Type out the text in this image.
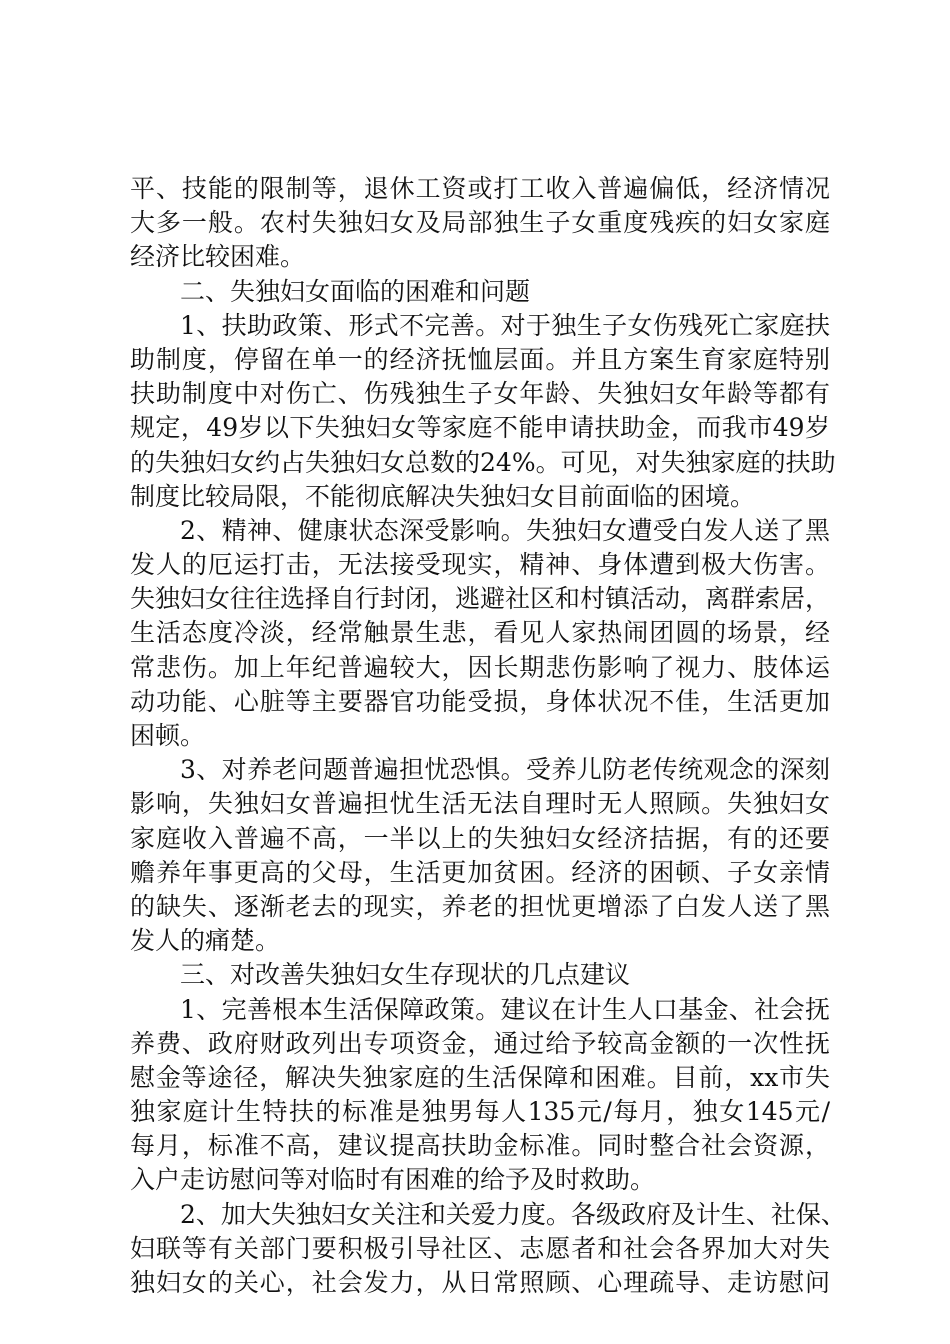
平、技能的限制等，退休工资或打工收入普遍偏低，经济情况
大多一般。农村失独妇女及局部独生子女重度残疾的妇女家庭
经济比较困难。
二、失独妇女面临的困难和问题
1、扶助政策、形式不完善。对于独生子女伤残死亡家庭扶
助制度，停留在单一的经济抚恤层面。并且方案生育家庭特别
扶助制度中对伤亡、伤残独生子女年龄、失独妇女年龄等都有
规定，49岁以下失独妇女等家庭不能申请扶助金，而我市49岁
的失独妇女约占失独妇女总数的24%。可见，对失独家庭的扶助
制度比较局限，不能彻底解决失独妇女目前面临的困境。
2、精神、健康状态深受影响。失独妇女遭受白发人送了黑
发人的厄运打击，无法接受现实，精神、身体遭到极大伤害。
失独妇女往往选择自行封闭，逃避社区和村镇活动，离群索居，
生活态度冷淡，经常触景生悲，看见人家热闹团圆的场景，经
常悲伤。加上年纪普遍较大，因长期悲伤影响了视力、肢体运
动功能、心脏等主要器官功能受损，身体状况不佳，生活更加
困顿。
3、对养老问题普遍担忧恐惧。受养儿防老传统观念的深刻
影响，失独妇女普遍担忧生活无法自理时无人照顾。失独妇女
家庭收入普遍不高，一半以上的失独妇女经济拮据，有的还要
赡养年事更高的父母，生活更加贫困。经济的困顿、子女亲情
的缺失、逐渐老去的现实，养老的担忧更增添了白发人送了黑
发人的痛楚。
三、对改善失独妇女生存现状的几点建议
1、完善根本生活保障政策。建议在计生人口基金、社会抚
养费、政府财政列出专项资金，通过给予较高金额的一次性抚
慰金等途径，解决失独家庭的生活保障和困难。目前，xx市失
独家庭计生特扶的标准是独男每人135元/每月，独女145元/
每月，标准不高，建议提高扶助金标准。同时整合社会资源，
入户走访慰问等对临时有困难的给予及时救助。
2、加大失独妇女关注和关爱力度。各级政府及计生、社保、
妇联等有关部门要积极引导社区、志愿者和社会各界加大对失
独妇女的关心，社会发力，从日常照顾、心理疏导、走访慰问
